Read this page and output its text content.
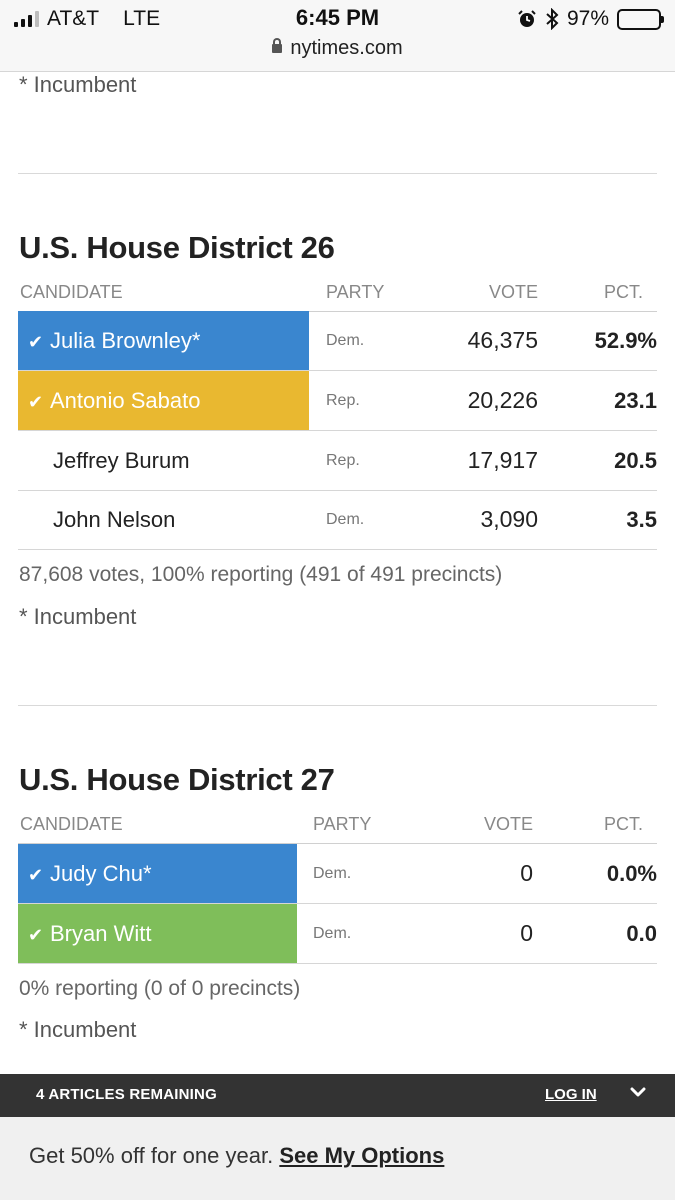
AT&T LTE	6:45 PM	97%
nytimes.com
* Incumbent
U.S. House District 26
CANDIDATE	PARTY	VOTE	PCT.
✔ Julia Brownley*	Dem.	46,375	52.9%
✔ Antonio Sabato	Rep.	20,226	23.1
Jeffrey Burum	Rep.	17,917	20.5
John Nelson	Dem.	3,090	3.5
87,608 votes, 100% reporting (491 of 491 precincts)
* Incumbent
U.S. House District 27
CANDIDATE	PARTY	VOTE	PCT.
✔ Judy Chu*	Dem.	0	0.0%
✔ Bryan Witt	Dem.	0	0.0
0% reporting (0 of 0 precincts)
* Incumbent
4 ARTICLES REMAINING	LOG IN
Get 50% off for one year. See My Options
